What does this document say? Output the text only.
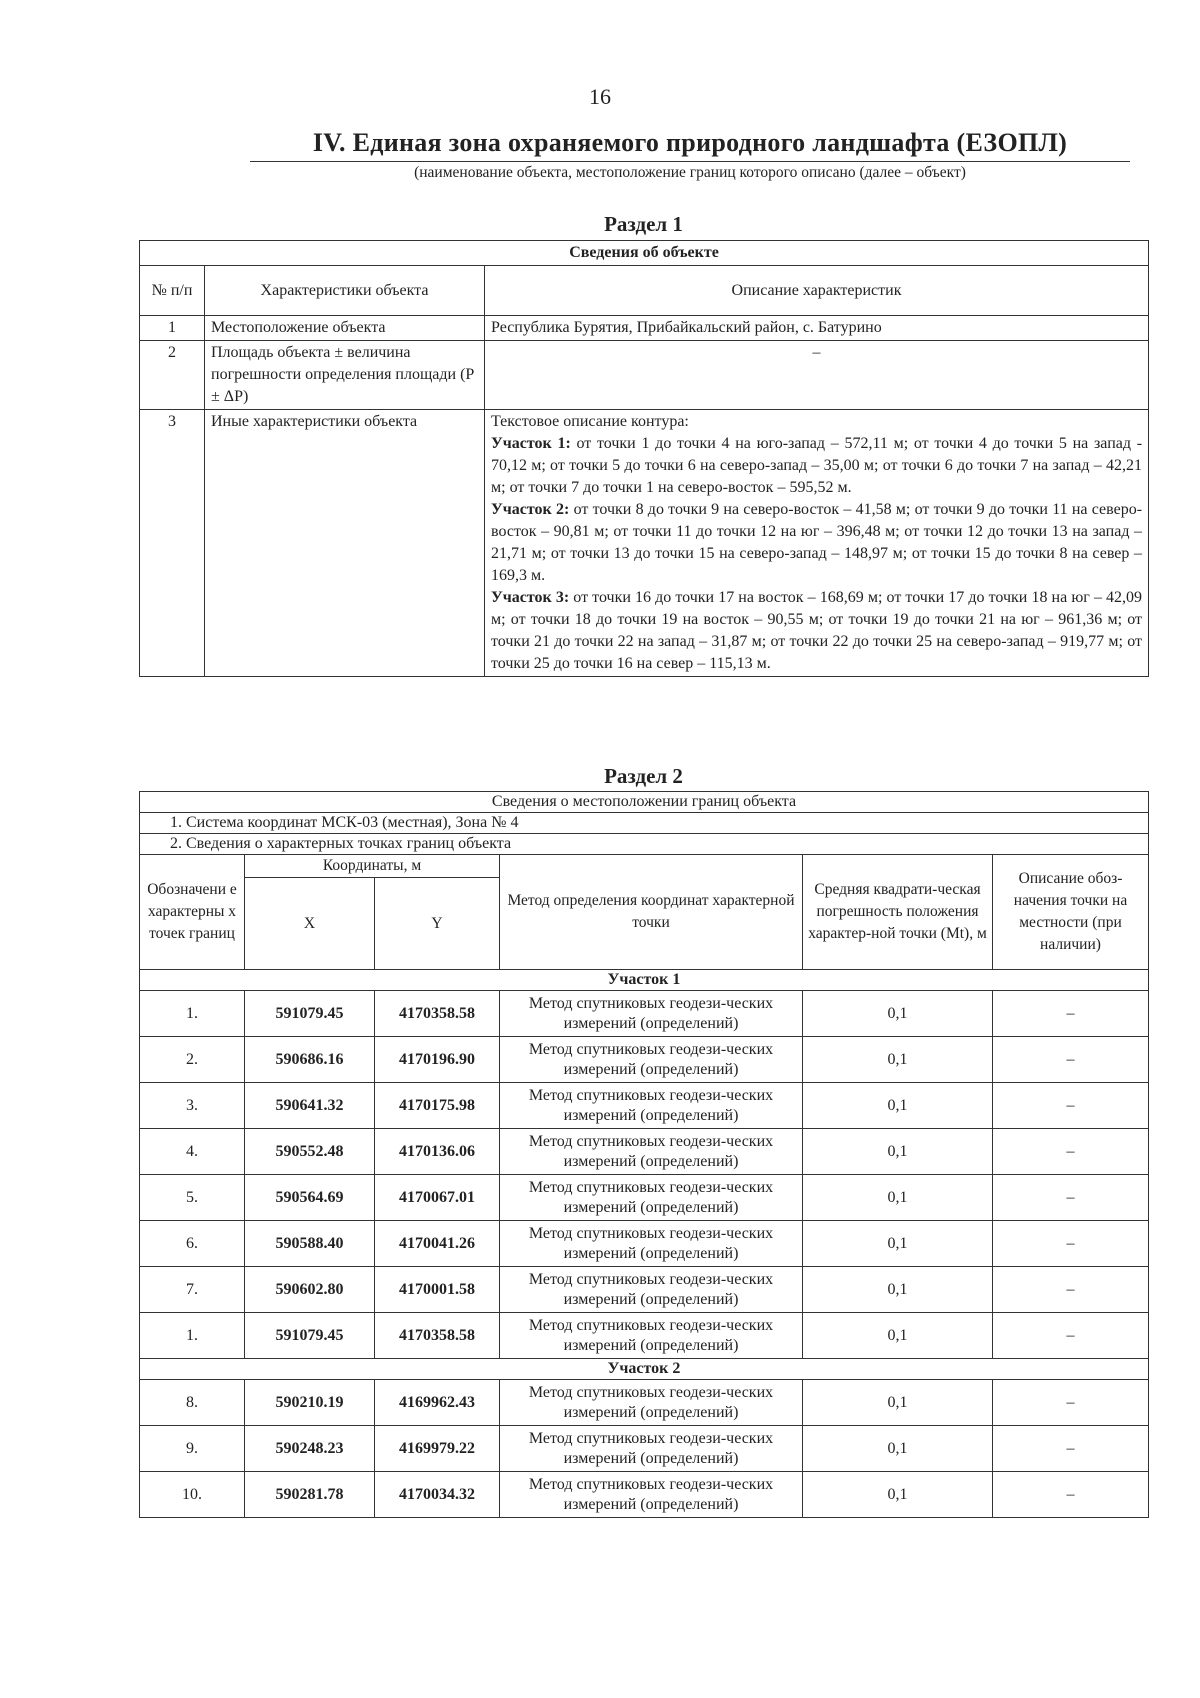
16
IV. Единая зона охраняемого природного ландшафта (ЕЗОПЛ)
(наименование объекта, местоположение границ которого описано (далее – объект)
Раздел 1
Сведения об объекте		
№ п/п	Характеристики объекта	Описание характеристик
1	Местоположение объекта	Республика Бурятия, Прибайкальский район, с. Батурино
2	Площадь объекта ± величина погрешности определения площади (P ± ΔP)	–
3	Иные характеристики объекта	Текстовое описание контура:

Участок 1: от точки 1 до точки 4 на юго-запад – 572,11 м; от точки 4 до точки 5 на запад - 70,12 м; от точки 5 до точки 6 на северо-запад – 35,00 м; от точки 6 до точки 7 на запад – 42,21 м; от точки 7 до точки 1 на северо-восток – 595,52 м.

Участок 2: от точки 8 до точки 9 на северо-восток – 41,58 м; от точки 9 до точки 11 на северо-восток – 90,81 м; от точки 11 до точки 12 на юг – 396,48 м; от точки 12 до точки 13 на запад – 21,71 м; от точки 13 до точки 15 на северо-запад – 148,97 м; от точки 15 до точки 8 на север – 169,3 м.

Участок 3: от точки 16 до точки 17 на восток – 168,69 м; от точки 17 до точки 18 на юг – 42,09 м; от точки 18 до точки 19 на восток – 90,55 м; от точки 19 до точки 21 на юг – 961,36 м; от точки 21 до точки 22 на запад – 31,87 м; от точки 22 до точки 25 на северо-запад – 919,77 м; от точки 25 до точки 16 на север – 115,13 м.

Раздел 2
Сведения о местоположении границ объекта					
1. Система координат МСК-03 (местная), Зона № 4					
2. Сведения о характерных точках границ объекта					
Обозначени е характерны х точек границ	Координаты, м		Метод определения координат характерной точки	Средняя квадрати-ческая погрешность положения характер-ной точки (Mt), м	Описание обоз-начения точки на местности (при наличии)
	X	Y			
Участок 1					
1.	591079.45	4170358.58	Метод спутниковых геодези-ческих измерений (определений)	0,1	–
2.	590686.16	4170196.90	Метод спутниковых геодези-ческих измерений (определений)	0,1	–
3.	590641.32	4170175.98	Метод спутниковых геодези-ческих измерений (определений)	0,1	–
4.	590552.48	4170136.06	Метод спутниковых геодези-ческих измерений (определений)	0,1	–
5.	590564.69	4170067.01	Метод спутниковых геодези-ческих измерений (определений)	0,1	–
6.	590588.40	4170041.26	Метод спутниковых геодези-ческих измерений (определений)	0,1	–
7.	590602.80	4170001.58	Метод спутниковых геодези-ческих измерений (определений)	0,1	–
1.	591079.45	4170358.58	Метод спутниковых геодези-ческих измерений (определений)	0,1	–
Участок 2					
8.	590210.19	4169962.43	Метод спутниковых геодези-ческих измерений (определений)	0,1	–
9.	590248.23	4169979.22	Метод спутниковых геодези-ческих измерений (определений)	0,1	–
10.	590281.78	4170034.32	Метод спутниковых геодези-ческих измерений (определений)	0,1	–
